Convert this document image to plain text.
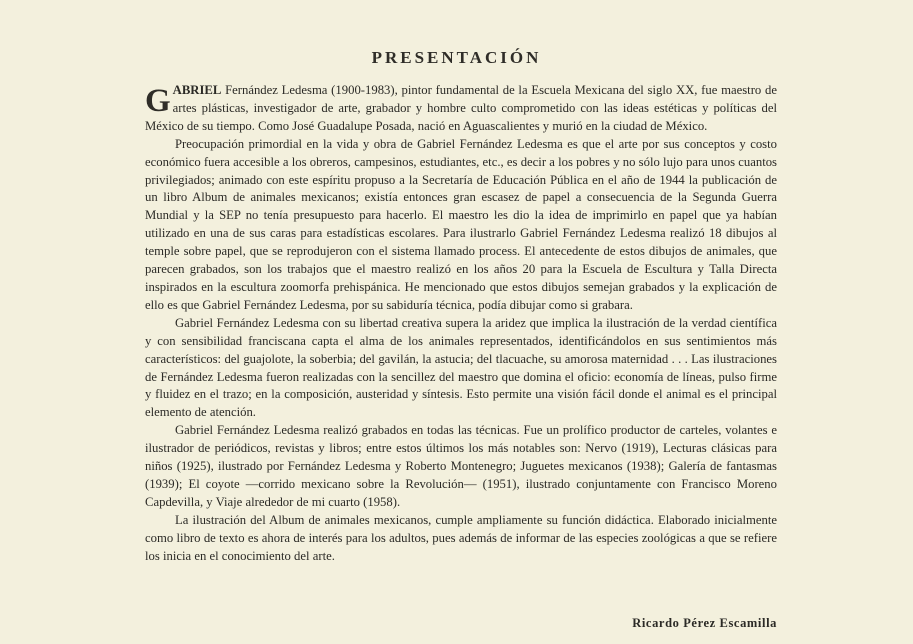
PRESENTACIÓN

GABRIEL Fernández Ledesma (1900-1983), pintor fundamental de la Escuela Mexicana del siglo XX, fue maestro de artes plásticas, investigador de arte, grabador y hombre culto comprometido con las ideas estéticas y políticas del México de su tiempo. Como José Guadalupe Posada, nació en Aguascalientes y murió en la ciudad de México.

Preocupación primordial en la vida y obra de Gabriel Fernández Ledesma es que el arte por sus conceptos y costo económico fuera accesible a los obreros, campesinos, estudiantes, etc., es decir a los pobres y no sólo lujo para unos cuantos privilegiados; animado con este espíritu propuso a la Secretaría de Educación Pública en el año de 1944 la publicación de un libro Album de animales mexicanos; existía entonces gran escasez de papel a consecuencia de la Segunda Guerra Mundial y la SEP no tenía presupuesto para hacerlo. El maestro les dio la idea de imprimirlo en papel que ya habían utilizado en una de sus caras para estadísticas escolares. Para ilustrarlo Gabriel Fernández Ledesma realizó 18 dibujos al temple sobre papel, que se reprodujeron con el sistema llamado process. El antecedente de estos dibujos de animales, que parecen grabados, son los trabajos que el maestro realizó en los años 20 para la Escuela de Escultura y Talla Directa inspirados en la escultura zoomorfa prehispánica. He mencionado que estos dibujos semejan grabados y la explicación de ello es que Gabriel Fernández Ledesma, por su sabiduría técnica, podía dibujar como si grabara.

Gabriel Fernández Ledesma con su libertad creativa supera la aridez que implica la ilustración de la verdad científica y con sensibilidad franciscana capta el alma de los animales representados, identificándolos en sus sentimientos más característicos: del guajolote, la soberbia; del gavilán, la astucia; del tlacuache, su amorosa maternidad . . . Las ilustraciones de Fernández Ledesma fueron realizadas con la sencillez del maestro que domina el oficio: economía de líneas, pulso firme y fluidez en el trazo; en la composición, austeridad y síntesis. Esto permite una visión fácil donde el animal es el principal elemento de atención.

Gabriel Fernández Ledesma realizó grabados en todas las técnicas. Fue un prolífico productor de carteles, volantes e ilustrador de periódicos, revistas y libros; entre estos últimos los más notables son: Nervo (1919), Lecturas clásicas para niños (1925), ilustrado por Fernández Ledesma y Roberto Montenegro; Juguetes mexicanos (1938); Galería de fantasmas (1939); El coyote —corrido mexicano sobre la Revolución— (1951), ilustrado conjuntamente con Francisco Moreno Capdevilla, y Viaje alrededor de mi cuarto (1958).

La ilustración del Album de animales mexicanos, cumple ampliamente su función didáctica. Elaborado inicialmente como libro de texto es ahora de interés para los adultos, pues además de informar de las especies zoológicas a que se refiere los inicia en el conocimiento del arte.

Ricardo Pérez Escamilla
